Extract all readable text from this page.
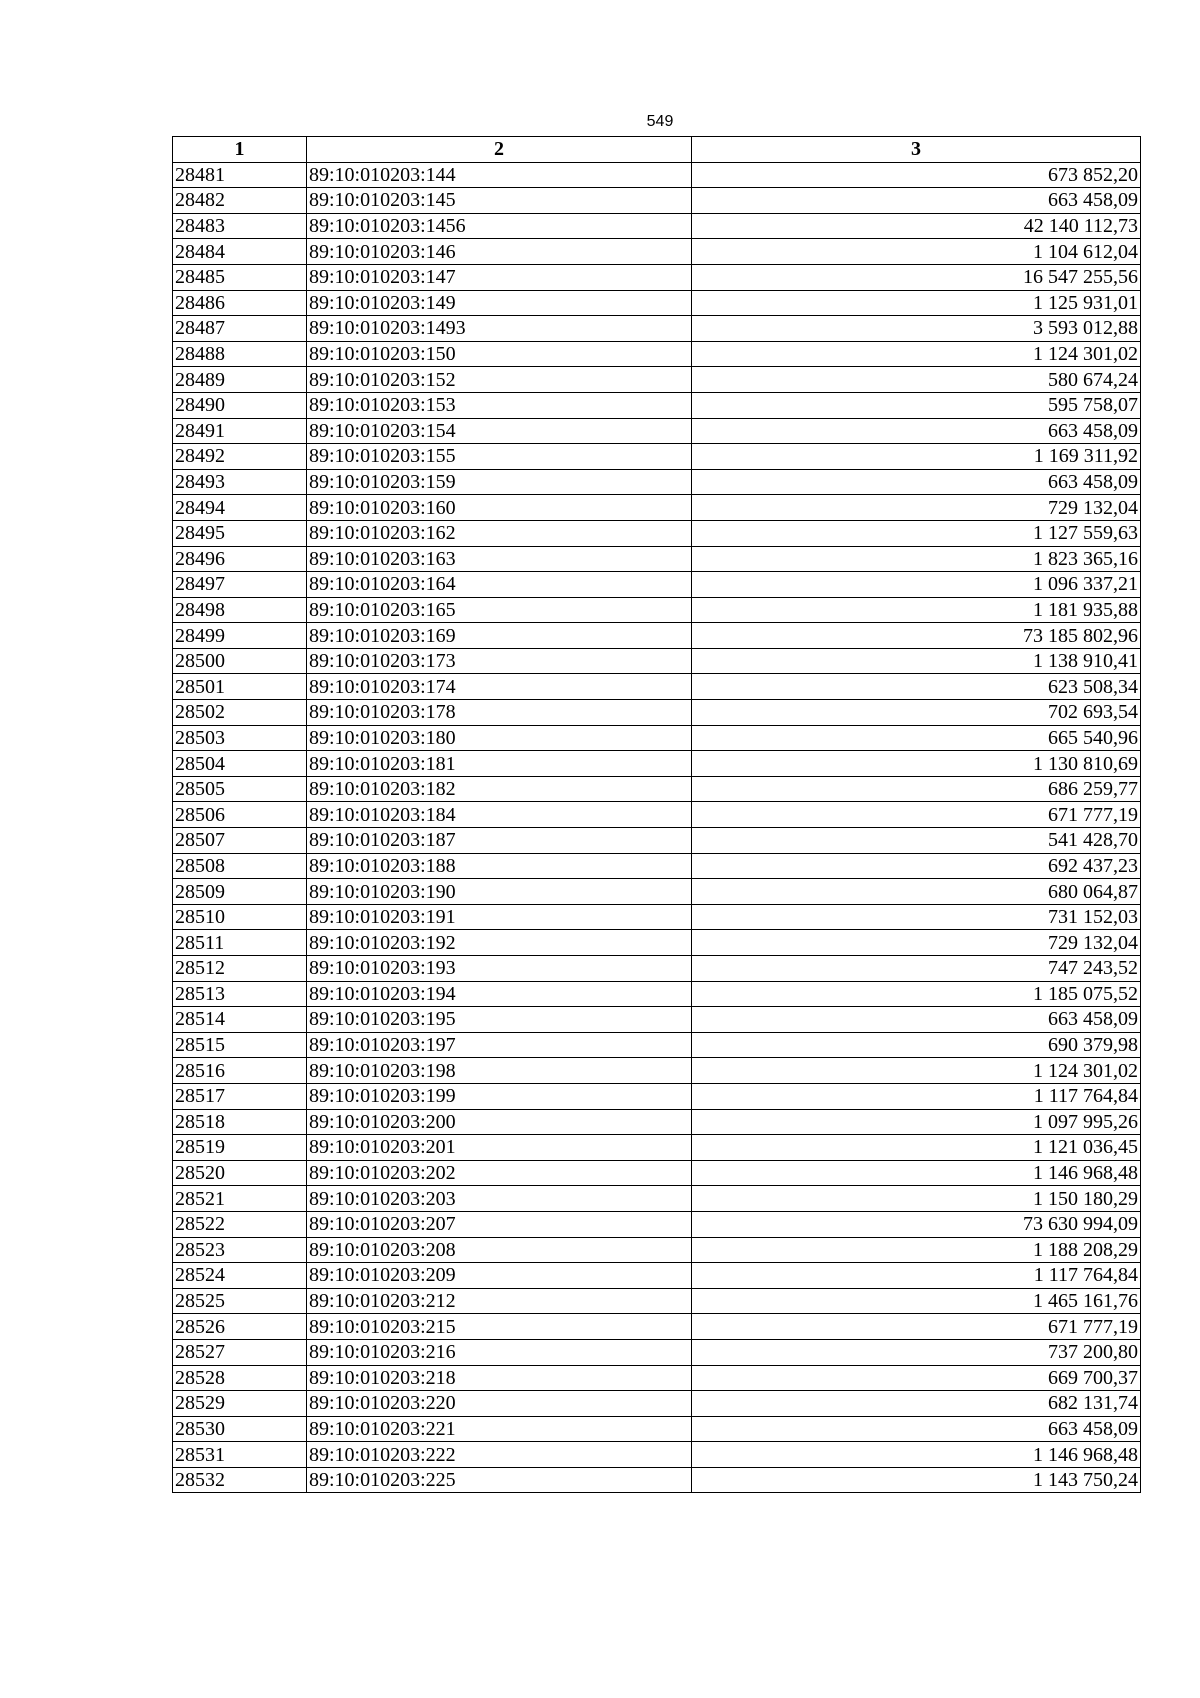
549
1	2	3
28481	89:10:010203:144	673 852,20
28482	89:10:010203:145	663 458,09
28483	89:10:010203:1456	42 140 112,73
28484	89:10:010203:146	1 104 612,04
28485	89:10:010203:147	16 547 255,56
28486	89:10:010203:149	1 125 931,01
28487	89:10:010203:1493	3 593 012,88
28488	89:10:010203:150	1 124 301,02
28489	89:10:010203:152	580 674,24
28490	89:10:010203:153	595 758,07
28491	89:10:010203:154	663 458,09
28492	89:10:010203:155	1 169 311,92
28493	89:10:010203:159	663 458,09
28494	89:10:010203:160	729 132,04
28495	89:10:010203:162	1 127 559,63
28496	89:10:010203:163	1 823 365,16
28497	89:10:010203:164	1 096 337,21
28498	89:10:010203:165	1 181 935,88
28499	89:10:010203:169	73 185 802,96
28500	89:10:010203:173	1 138 910,41
28501	89:10:010203:174	623 508,34
28502	89:10:010203:178	702 693,54
28503	89:10:010203:180	665 540,96
28504	89:10:010203:181	1 130 810,69
28505	89:10:010203:182	686 259,77
28506	89:10:010203:184	671 777,19
28507	89:10:010203:187	541 428,70
28508	89:10:010203:188	692 437,23
28509	89:10:010203:190	680 064,87
28510	89:10:010203:191	731 152,03
28511	89:10:010203:192	729 132,04
28512	89:10:010203:193	747 243,52
28513	89:10:010203:194	1 185 075,52
28514	89:10:010203:195	663 458,09
28515	89:10:010203:197	690 379,98
28516	89:10:010203:198	1 124 301,02
28517	89:10:010203:199	1 117 764,84
28518	89:10:010203:200	1 097 995,26
28519	89:10:010203:201	1 121 036,45
28520	89:10:010203:202	1 146 968,48
28521	89:10:010203:203	1 150 180,29
28522	89:10:010203:207	73 630 994,09
28523	89:10:010203:208	1 188 208,29
28524	89:10:010203:209	1 117 764,84
28525	89:10:010203:212	1 465 161,76
28526	89:10:010203:215	671 777,19
28527	89:10:010203:216	737 200,80
28528	89:10:010203:218	669 700,37
28529	89:10:010203:220	682 131,74
28530	89:10:010203:221	663 458,09
28531	89:10:010203:222	1 146 968,48
28532	89:10:010203:225	1 143 750,24
